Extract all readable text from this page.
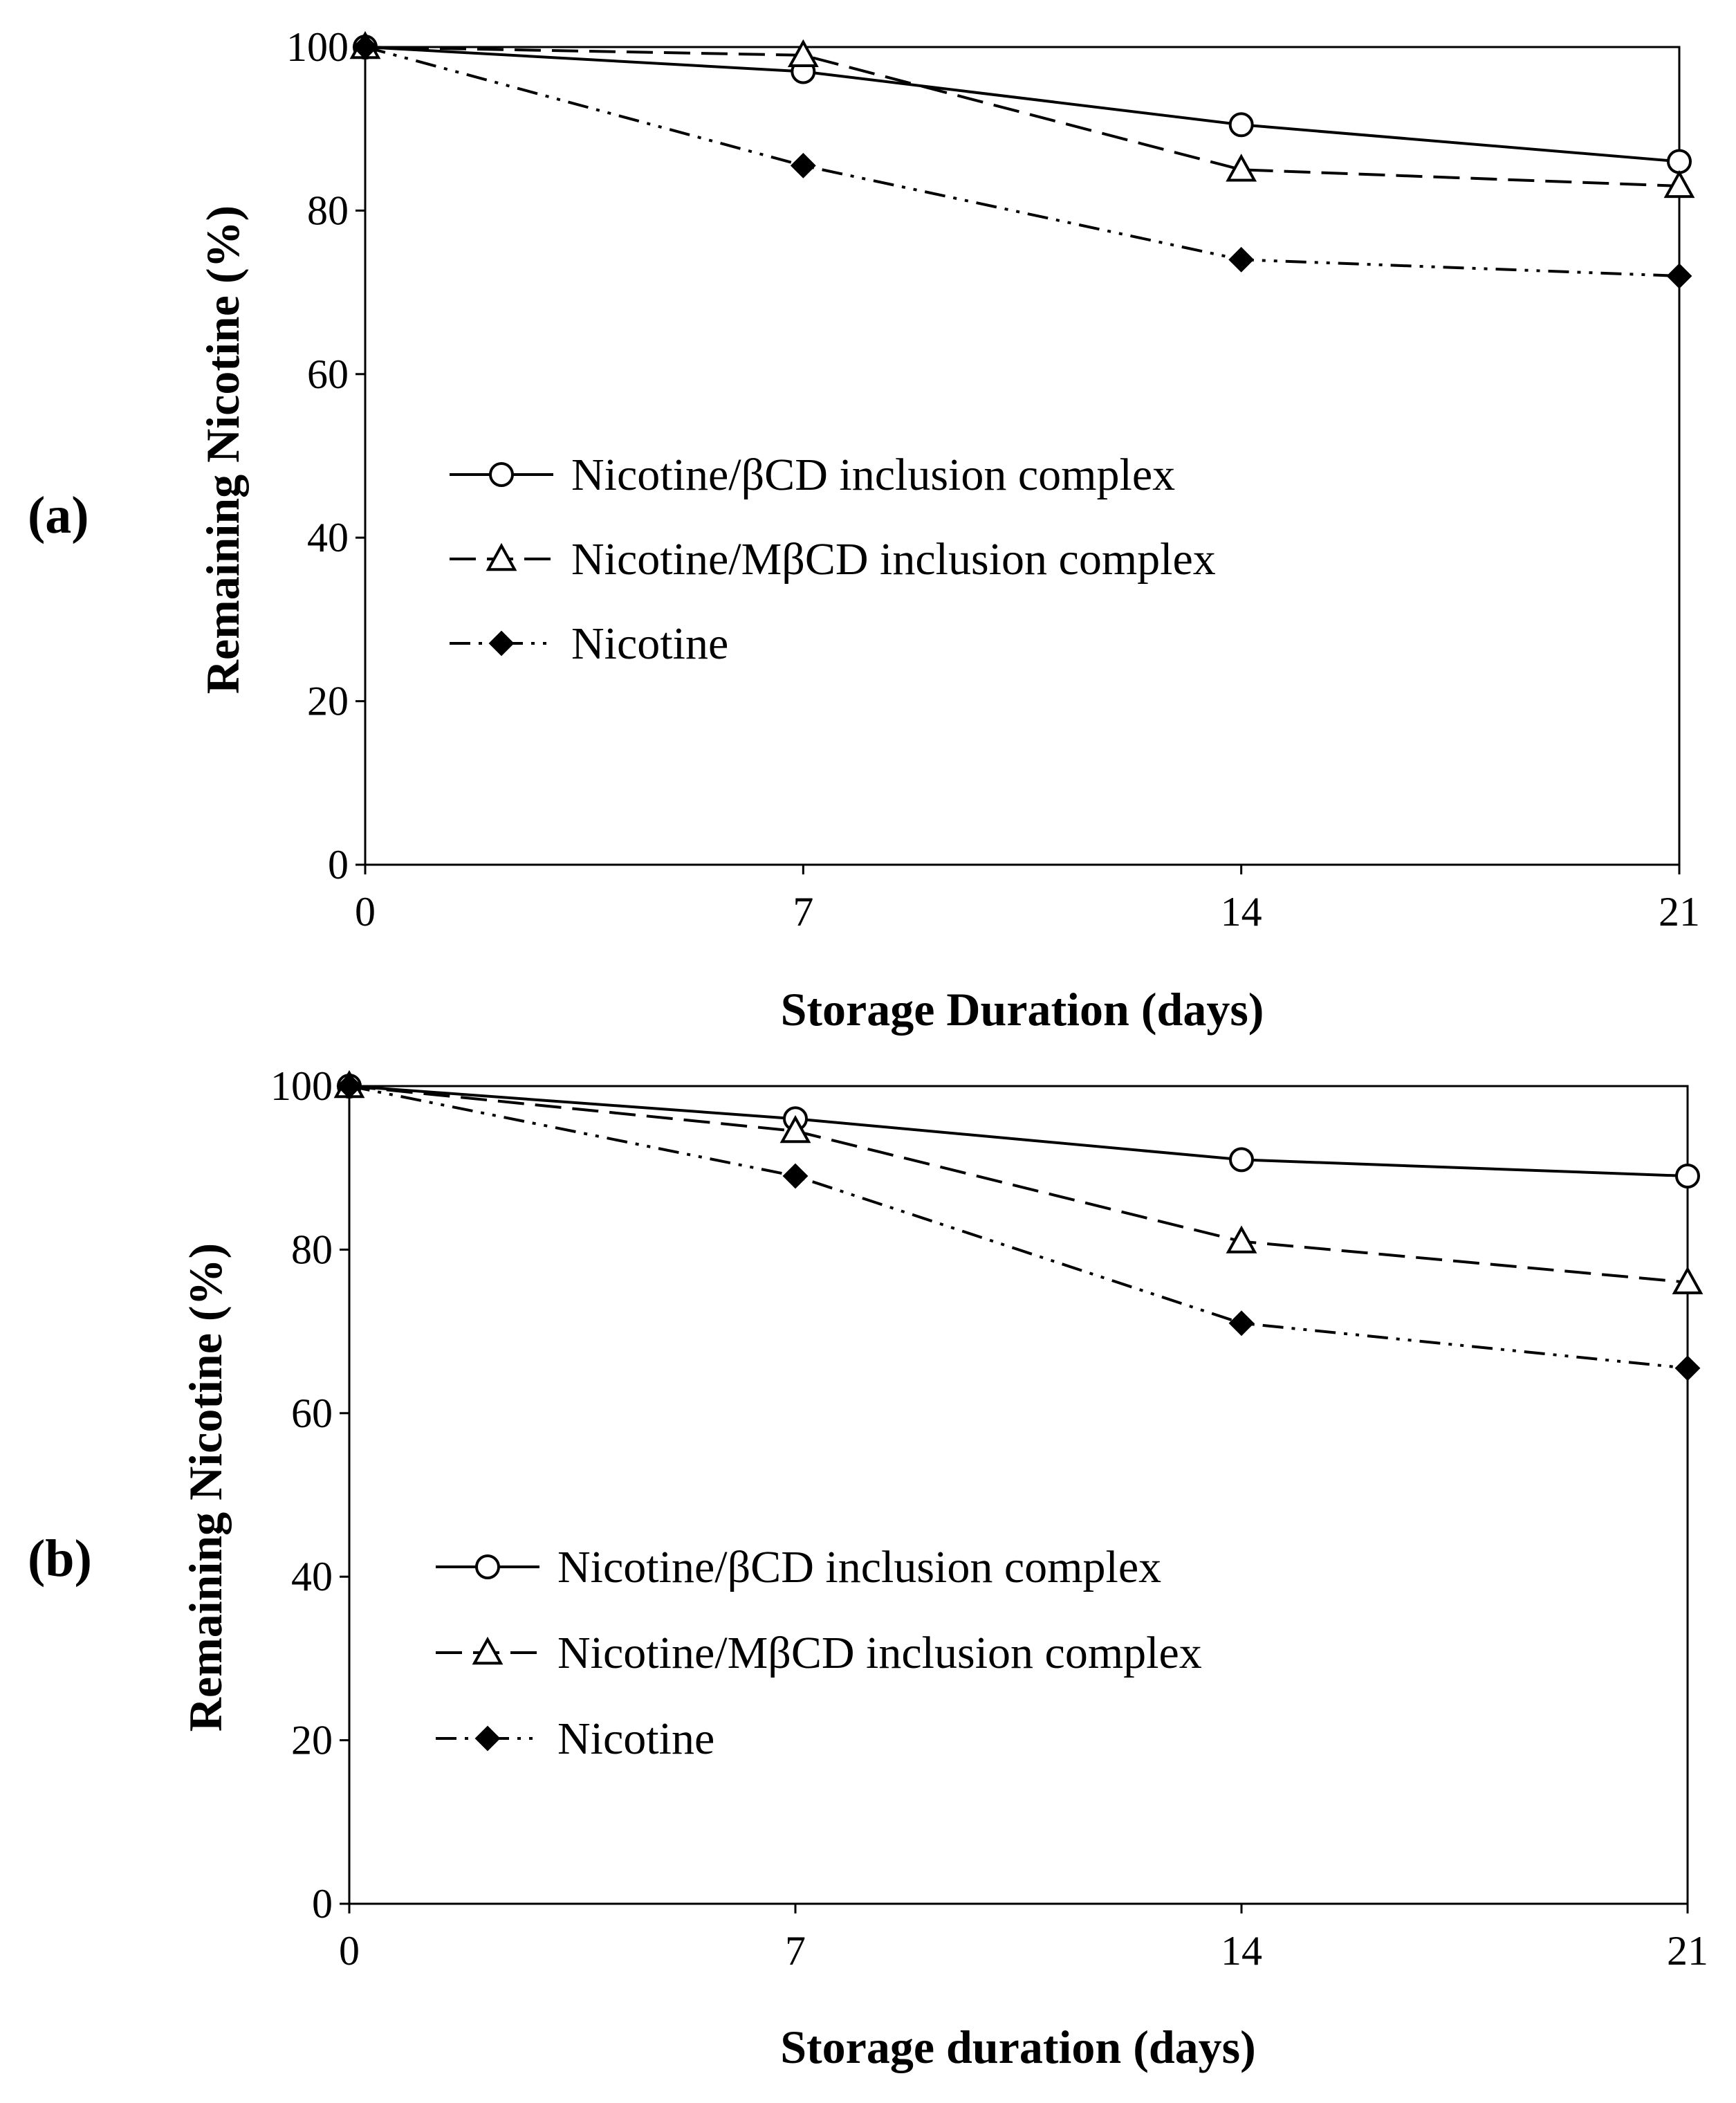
(a) Remaining Nicotine (%)
Storage Duration (days)
0
20
40
60
80
100
0	7	14	21
Nicotine/βCD inclusion complex
Nicotine/MβCD inclusion complex
Nicotine
(b) Remaining Nicotine (%)
Storage duration (days)
0
20
40
60
80
100
0	7	14	21
Nicotine/βCD inclusion complex
Nicotine/MβCD inclusion complex
Nicotine
